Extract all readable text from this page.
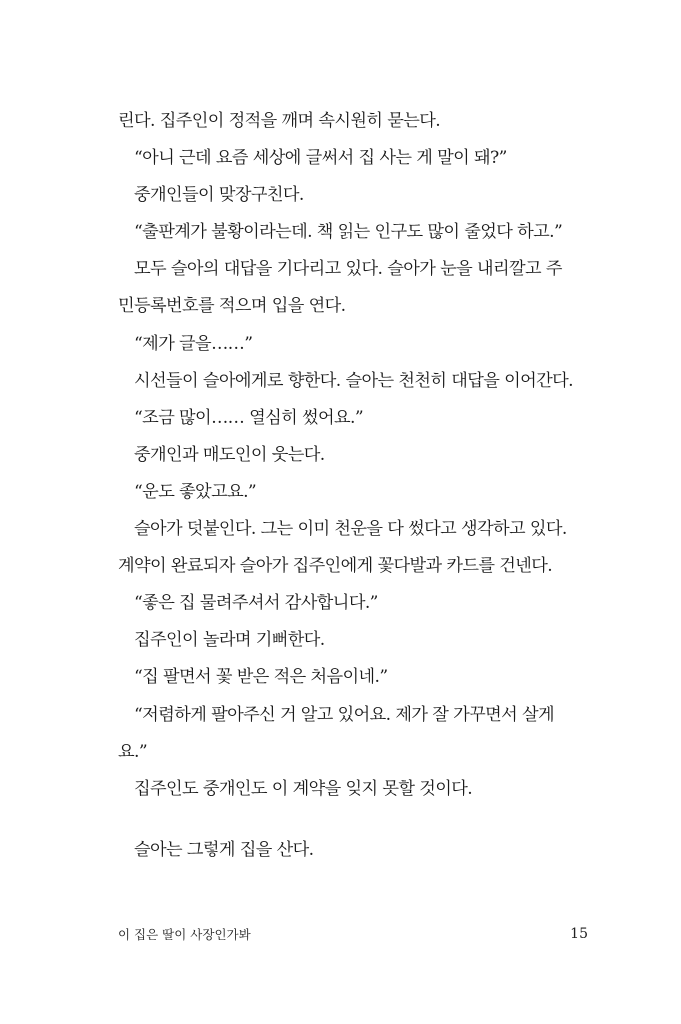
린다. 집주인이 정적을 깨며 속시원히 묻는다.
“아니 근데 요즘 세상에 글써서 집 사는 게 말이 돼?”
중개인들이 맞장구친다.
“출판계가 불황이라는데. 책 읽는 인구도 많이 줄었다 하고.”
모두 슬아의 대답을 기다리고 있다. 슬아가 눈을 내리깔고 주
민등록번호를 적으며 입을 연다.
“제가 글을……”
시선들이 슬아에게로 향한다. 슬아는 천천히 대답을 이어간다.
“조금 많이…… 열심히 썼어요.”
중개인과 매도인이 웃는다.
“운도 좋았고요.”
슬아가 덧붙인다. 그는 이미 천운을 다 썼다고 생각하고 있다.
계약이 완료되자 슬아가 집주인에게 꽃다발과 카드를 건넨다.
“좋은 집 물려주셔서 감사합니다.”
집주인이 놀라며 기뻐한다.
“집 팔면서 꽃 받은 적은 처음이네.”
“저렴하게 팔아주신 거 알고 있어요. 제가 잘 가꾸면서 살게
요.”
집주인도 중개인도 이 계약을 잊지 못할 것이다.
슬아는 그렇게 집을 산다.
이 집은 딸이 사장인가봐	15
